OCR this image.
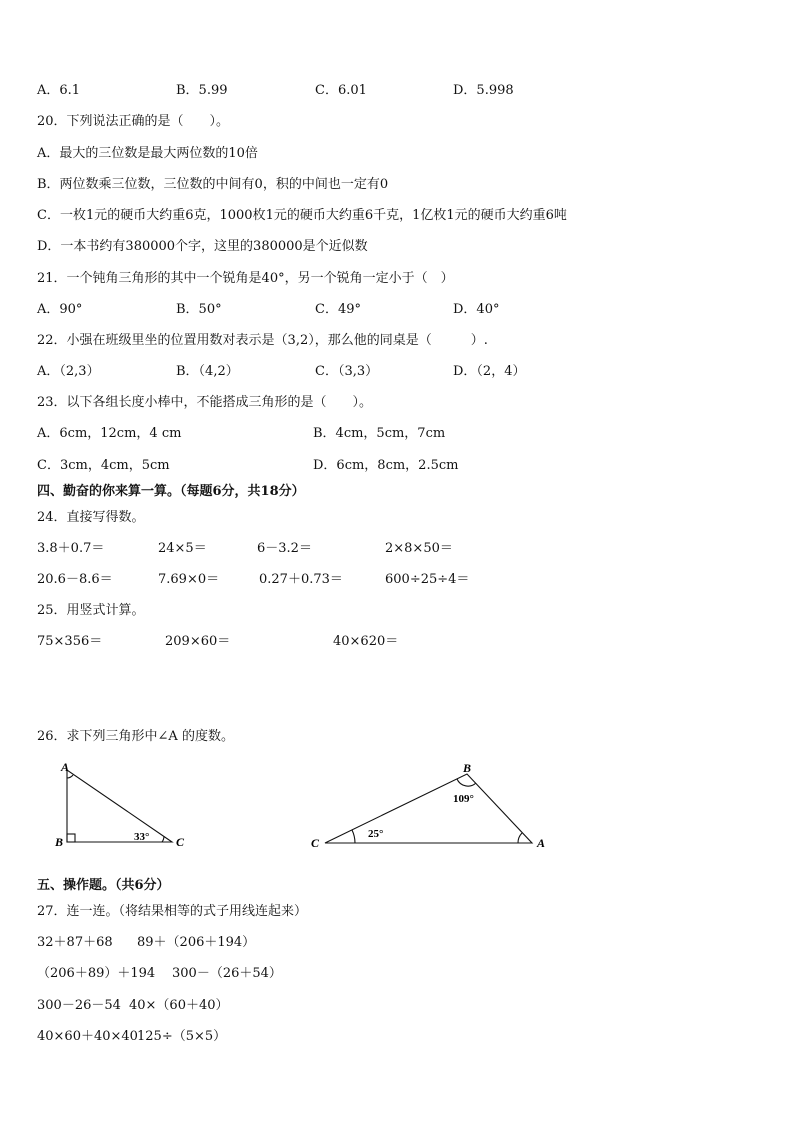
A．6.1	B．5.99	C．6.01	D．5.998
20．下列说法正确的是（　　）。
A．最大的三位数是最大两位数的10倍
B．两位数乘三位数，三位数的中间有0，积的中间也一定有0
C．一枚1元的硬币大约重6克，1000枚1元的硬币大约重6千克，1亿枚1元的硬币大约重6吨
D．一本书约有380000个字，这里的380000是个近似数
21．一个钝角三角形的其中一个锐角是40°，另一个锐角一定小于（　）
A．90°	B．50°	C．49°	D．40°
22．小强在班级里坐的位置用数对表示是（3,2），那么他的同桌是（　　　）.
A．（2,3）	B．（4,2）	C．（3,3）	D．（2，4）
23．以下各组长度小棒中，不能搭成三角形的是（　　）。
A．6cm，12cm，4 cm	B．4cm，5cm，7cm
C．3cm，4cm，5cm	D．6cm，8cm，2.5cm
四、勤奋的你来算一算。（每题6分，共18分）
24．直接写得数。
3.8＋0.7＝	24×5＝	6－3.2＝	2×8×50＝
20.6－8.6＝	7.69×0＝	0.27＋0.73＝	600÷25÷4＝
25．用竖式计算。
75×356＝	209×60＝	40×620＝
26．求下列三角形中∠A 的度数。
A
B	C
33°
B
C	A
109°
25°
五、操作题。（共6分）
27．连一连。（将结果相等的式子用线连起来）
32＋87＋68 89＋（206＋194）
（206＋89）＋194 300－（26＋54）
300－26－54 40×（60＋40）
40×60＋40×40 125÷（5×5）
